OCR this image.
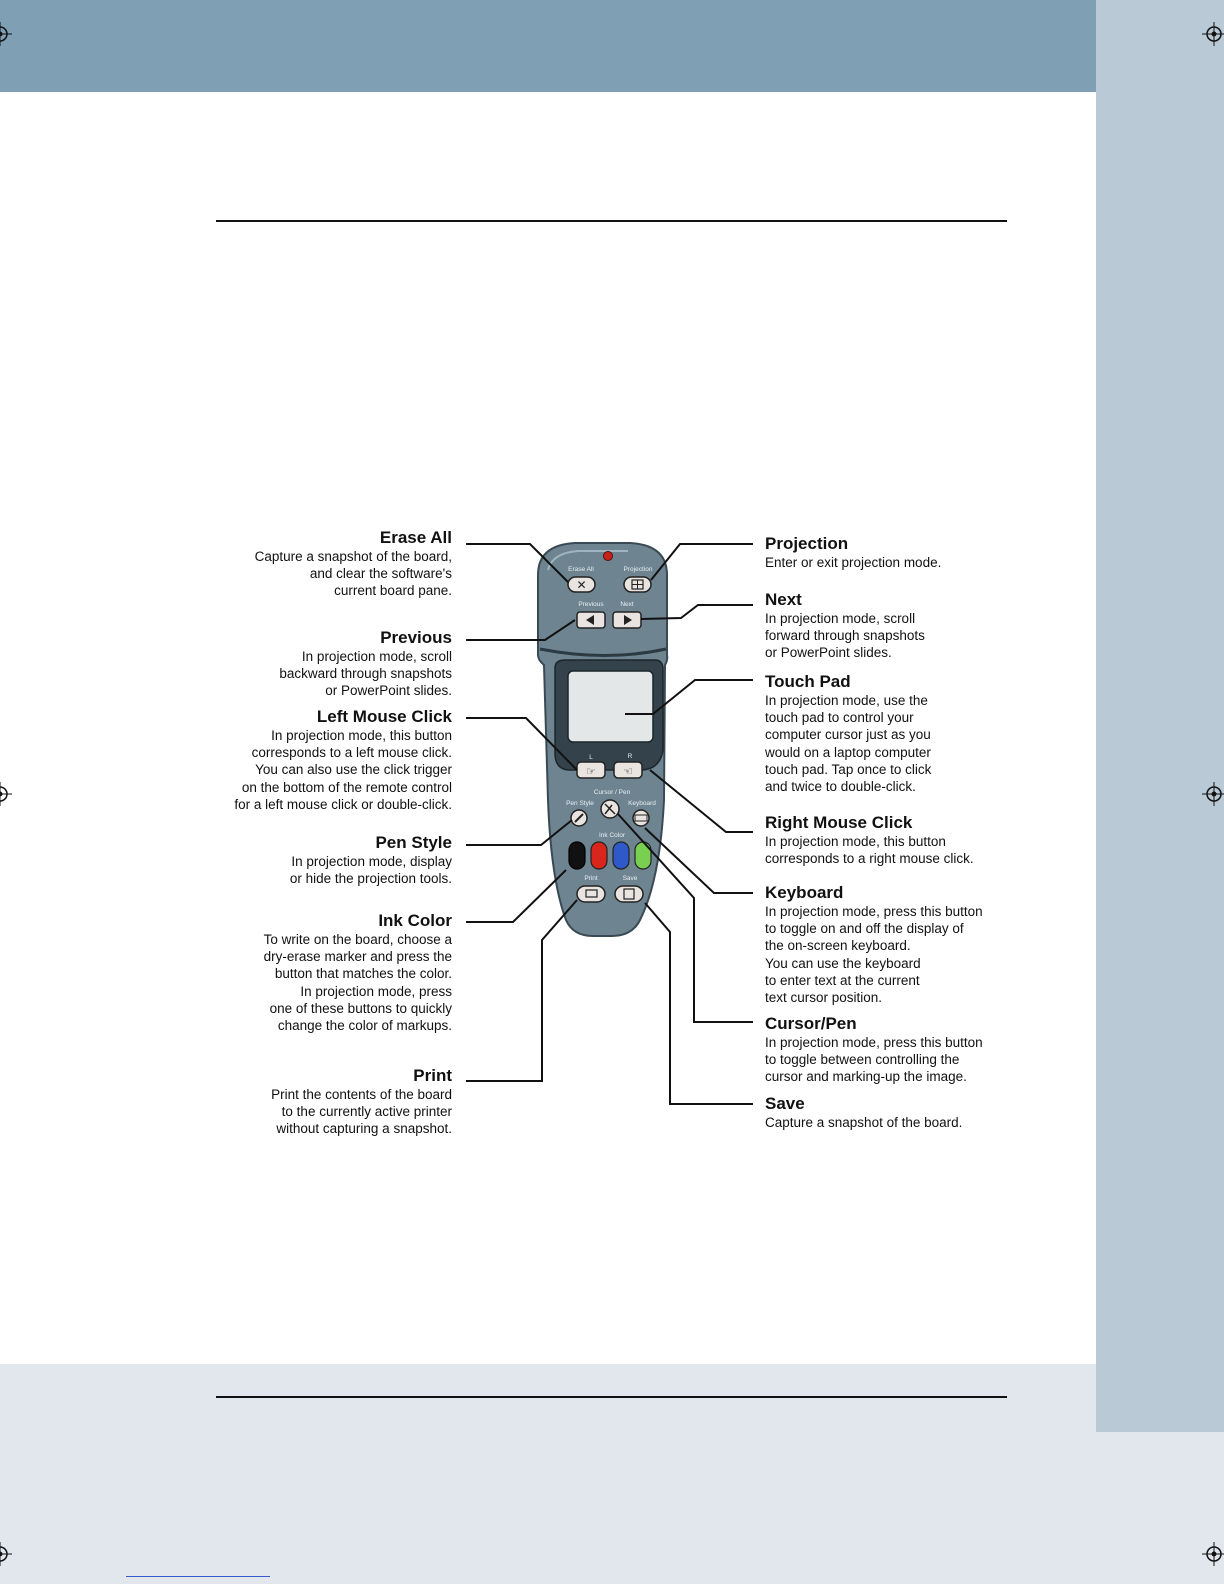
Erase All	Projection
✕
Previous	Next
L	R
☞ ☜
Cursor / Pen
Pen Style	Keyboard
Ink Color
Print	Save
Erase All
Capture a snapshot of the board,
and clear the software's
current board pane.
Previous
In projection mode, scroll
backward through snapshots
or PowerPoint slides.
Left Mouse Click
In projection mode, this button
corresponds to a left mouse click.
You can also use the click trigger
on the bottom of the remote control
for a left mouse click or double-click.
Pen Style
In projection mode, display
or hide the projection tools.
Ink Color
To write on the board, choose a
dry-erase marker and press the
button that matches the color.
In projection mode, press
one of these buttons to quickly
change the color of markups.
Print
Print the contents of the board
to the currently active printer
without capturing a snapshot.
Projection
Enter or exit projection mode.
Next
In projection mode, scroll
forward through snapshots
or PowerPoint slides.
Touch Pad
In projection mode, use the
touch pad to control your
computer cursor just as you
would on a laptop computer
touch pad. Tap once to click
and twice to double-click.
Right Mouse Click
In projection mode, this button
corresponds to a right mouse click.
Keyboard
In projection mode, press this button
to toggle on and off the display of
the on-screen keyboard.
You can use the keyboard
to enter text at the current
text cursor position.
Cursor/Pen
In projection mode, press this button
to toggle between controlling the
cursor and marking-up the image.
Save
Capture a snapshot of the board.
